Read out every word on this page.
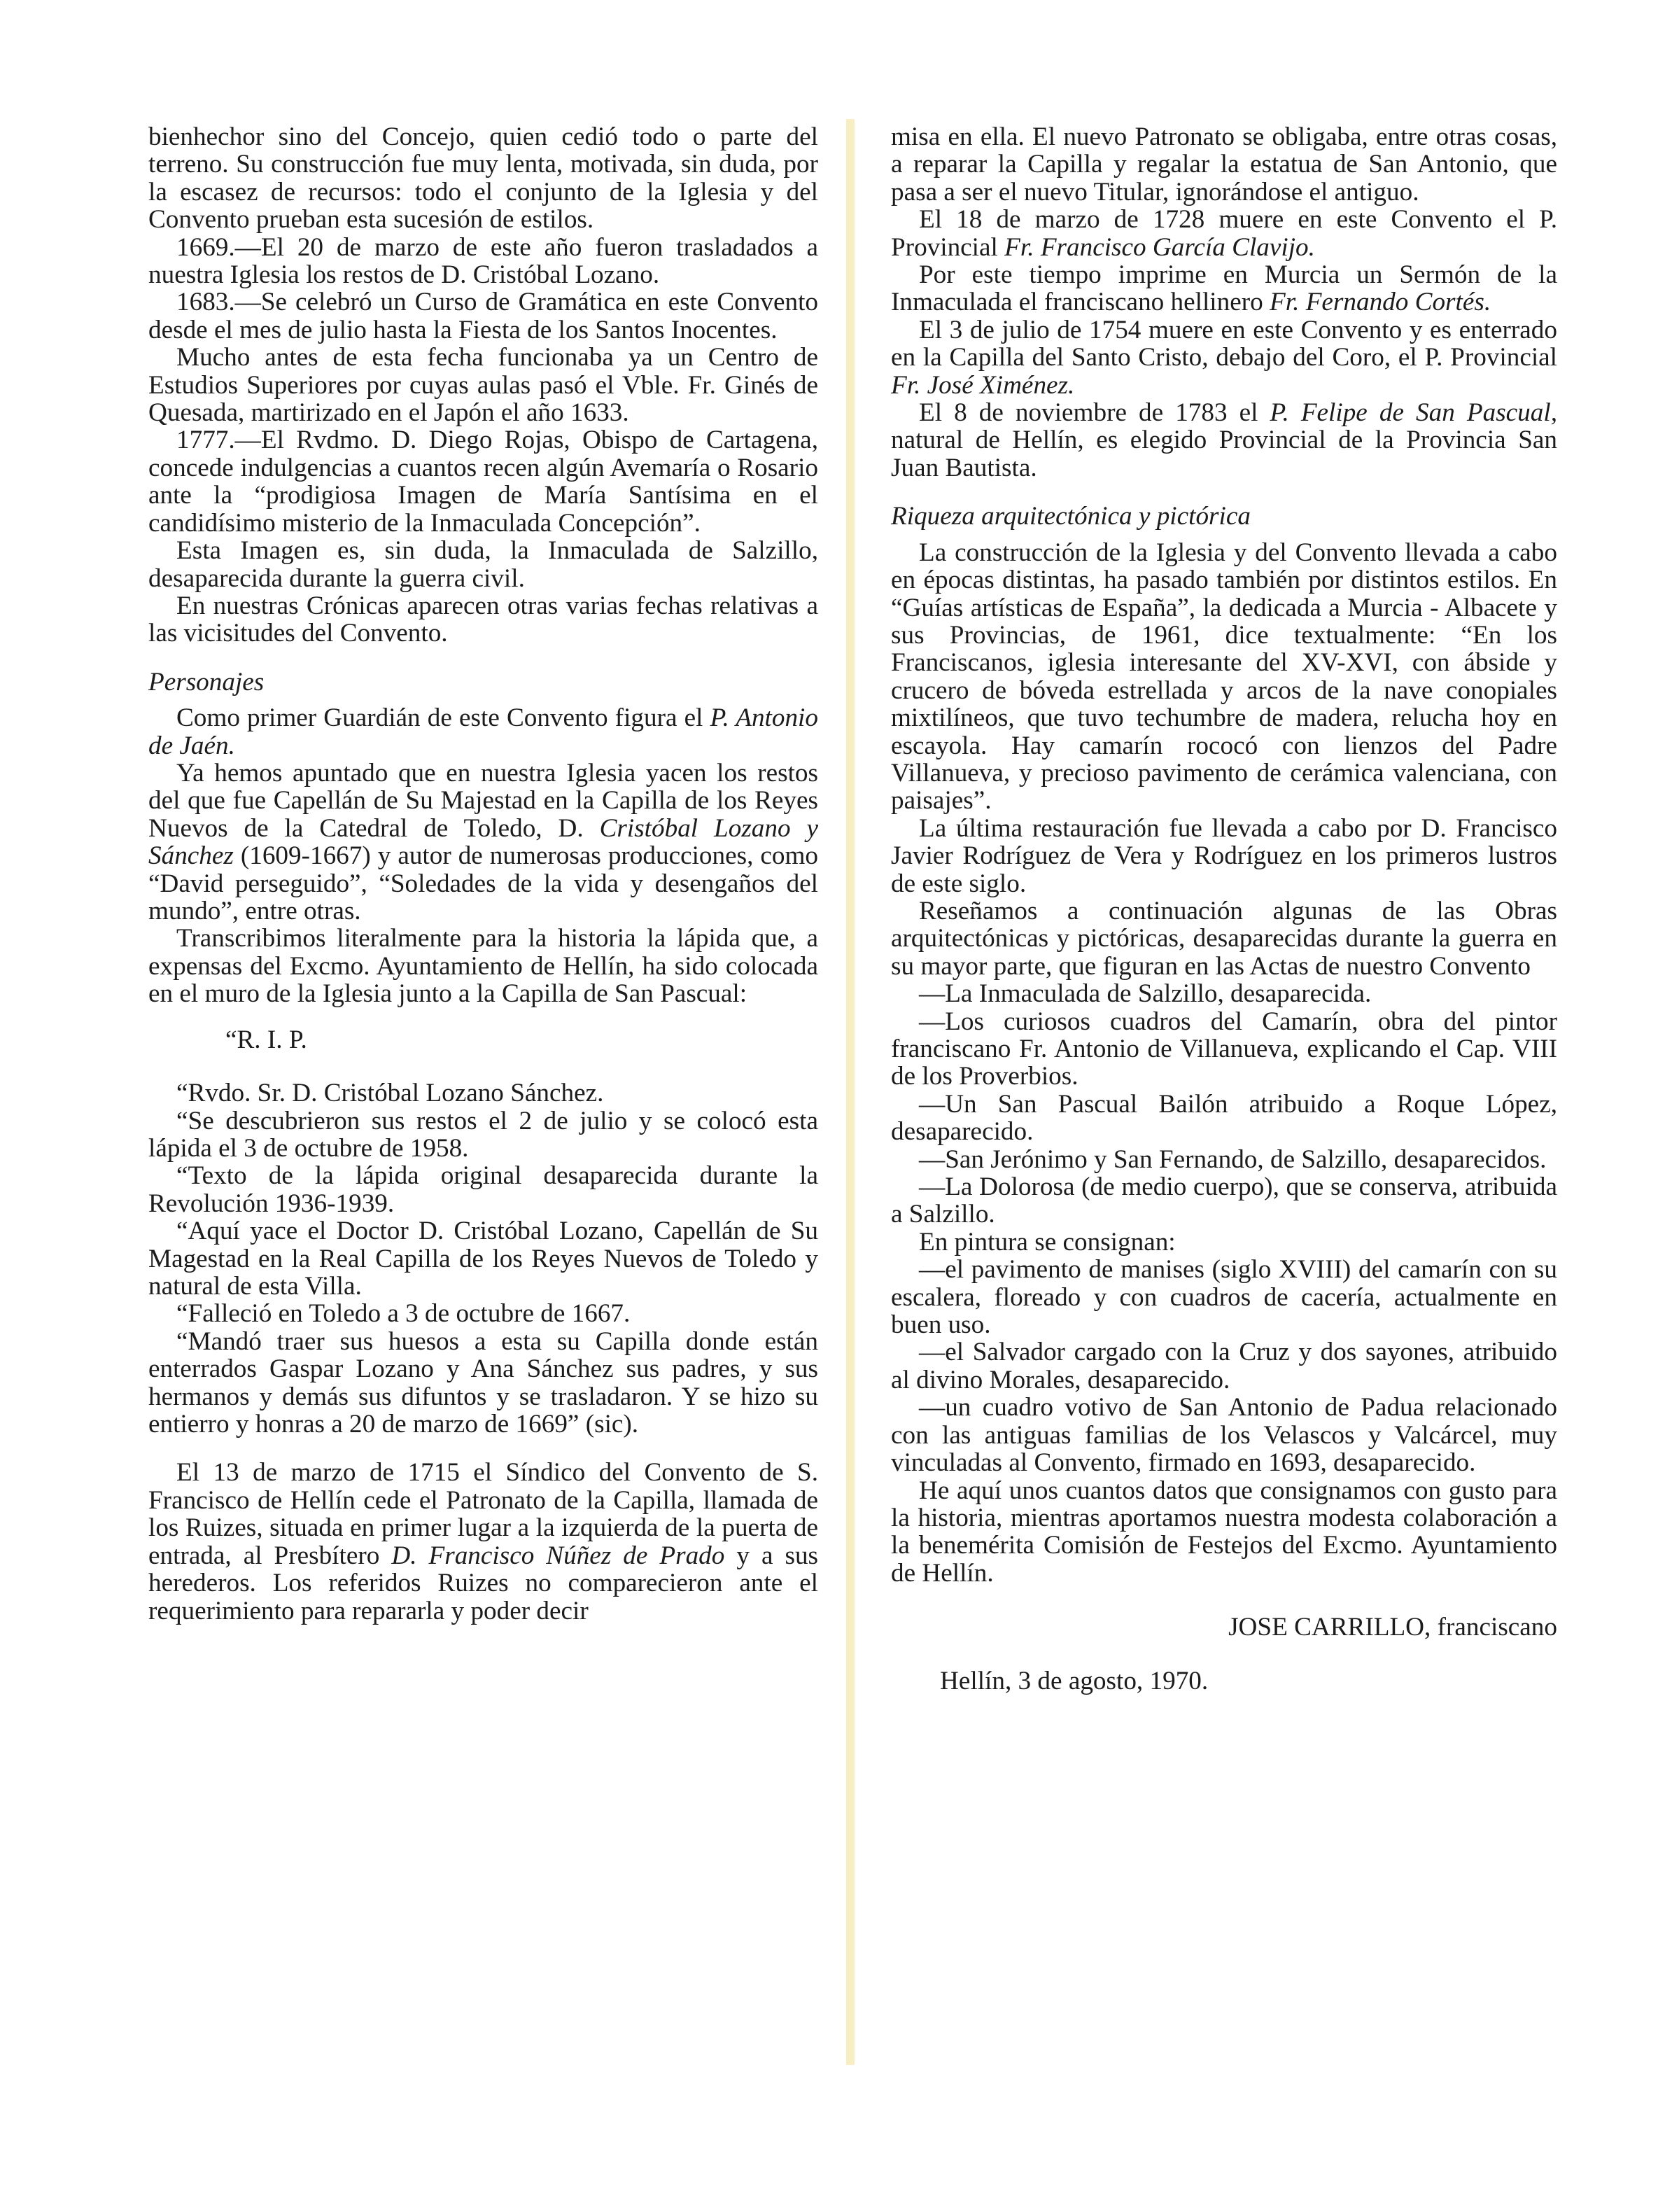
bienhechor sino del Concejo, quien cedió todo o parte del terreno. Su construcción fue muy lenta, motivada, sin duda, por la escasez de recursos: todo el conjunto de la Iglesia y del Convento prueban esta sucesión de estilos.

1669.—El 20 de marzo de este año fueron trasladados a nuestra Iglesia los restos de D. Cristóbal Lozano.

1683.—Se celebró un Curso de Gramática en este Convento desde el mes de julio hasta la Fiesta de los Santos Inocentes.

Mucho antes de esta fecha funcionaba ya un Centro de Estudios Superiores por cuyas aulas pasó el Vble. Fr. Ginés de Quesada, martirizado en el Japón el año 1633.

1777.—El Rvdmo. D. Diego Rojas, Obispo de Cartagena, concede indulgencias a cuantos recen algún Avemaría o Rosario ante la “prodigiosa Imagen de María Santísima en el candidísimo misterio de la Inmaculada Concepción”.

Esta Imagen es, sin duda, la Inmaculada de Salzillo, desaparecida durante la guerra civil.

En nuestras Crónicas aparecen otras varias fechas relativas a las vicisitudes del Convento.

Personajes

Como primer Guardián de este Convento figura el P. Antonio de Jaén.

Ya hemos apuntado que en nuestra Iglesia yacen los restos del que fue Capellán de Su Majestad en la Capilla de los Reyes Nuevos de la Catedral de Toledo, D. Cristóbal Lozano y Sánchez (1609-1667) y autor de numerosas producciones, como “David perseguido”, “Soledades de la vida y desengaños del mundo”, entre otras.

Transcribimos literalmente para la historia la lápida que, a expensas del Excmo. Ayuntamiento de Hellín, ha sido colocada en el muro de la Iglesia junto a la Capilla de San Pascual:

“R. I. P.

“Rvdo. Sr. D. Cristóbal Lozano Sánchez.

“Se descubrieron sus restos el 2 de julio y se colocó esta lápida el 3 de octubre de 1958.

“Texto de la lápida original desaparecida durante la Revolución 1936-1939.

“Aquí yace el Doctor D. Cristóbal Lozano, Capellán de Su Magestad en la Real Capilla de los Reyes Nuevos de Toledo y natural de esta Villa.

“Falleció en Toledo a 3 de octubre de 1667.

“Mandó traer sus huesos a esta su Capilla donde están enterrados Gaspar Lozano y Ana Sánchez sus padres, y sus hermanos y demás sus difuntos y se trasladaron. Y se hizo su entierro y honras a 20 de marzo de 1669” (sic).

El 13 de marzo de 1715 el Síndico del Convento de S. Francisco de Hellín cede el Patronato de la Capilla, llamada de los Ruizes, situada en primer lugar a la izquierda de la puerta de entrada, al Presbítero D. Francisco Núñez de Prado y a sus herederos. Los referidos Ruizes no comparecieron ante el requerimiento para repararla y poder decir

misa en ella. El nuevo Patronato se obligaba, entre otras cosas, a reparar la Capilla y regalar la estatua de San Antonio, que pasa a ser el nuevo Titular, ignorándose el antiguo.

El 18 de marzo de 1728 muere en este Convento el P. Provincial Fr. Francisco García Clavijo.

Por este tiempo imprime en Murcia un Sermón de la Inmaculada el franciscano hellinero Fr. Fernando Cortés.

El 3 de julio de 1754 muere en este Convento y es enterrado en la Capilla del Santo Cristo, debajo del Coro, el P. Provincial Fr. José Ximénez.

El 8 de noviembre de 1783 el P. Felipe de San Pascual, natural de Hellín, es elegido Provincial de la Provincia San Juan Bautista.

Riqueza arquitectónica y pictórica

La construcción de la Iglesia y del Convento llevada a cabo en épocas distintas, ha pasado también por distintos estilos. En “Guías artísticas de España”, la dedicada a Murcia - Albacete y sus Provincias, de 1961, dice textualmente: “En los Franciscanos, iglesia interesante del XV-XVI, con ábside y crucero de bóveda estrellada y arcos de la nave conopiales mixtilíneos, que tuvo techumbre de madera, relucha hoy en escayola. Hay camarín rococó con lienzos del Padre Villanueva, y precioso pavimento de cerámica valenciana, con paisajes”.

La última restauración fue llevada a cabo por D. Francisco Javier Rodríguez de Vera y Rodríguez en los primeros lustros de este siglo.

Reseñamos a continuación algunas de las Obras arquitectónicas y pictóricas, desaparecidas durante la guerra en su mayor parte, que figuran en las Actas de nuestro Convento

—La Inmaculada de Salzillo, desaparecida.

—Los curiosos cuadros del Camarín, obra del pintor franciscano Fr. Antonio de Villanueva, explicando el Cap. VIII de los Proverbios.

—Un San Pascual Bailón atribuido a Roque López, desaparecido.

—San Jerónimo y San Fernando, de Salzillo, desaparecidos.

—La Dolorosa (de medio cuerpo), que se conserva, atribuida a Salzillo.

En pintura se consignan:

—el pavimento de manises (siglo XVIII) del camarín con su escalera, floreado y con cuadros de cacería, actualmente en buen uso.

—el Salvador cargado con la Cruz y dos sayones, atribuido al divino Morales, desaparecido.

—un cuadro votivo de San Antonio de Padua relacionado con las antiguas familias de los Velascos y Valcárcel, muy vinculadas al Convento, firmado en 1693, desaparecido.

He aquí unos cuantos datos que consignamos con gusto para la historia, mientras aportamos nuestra modesta colaboración a la benemérita Comisión de Festejos del Excmo. Ayuntamiento de Hellín.

JOSE CARRILLO, franciscano

Hellín, 3 de agosto, 1970.
